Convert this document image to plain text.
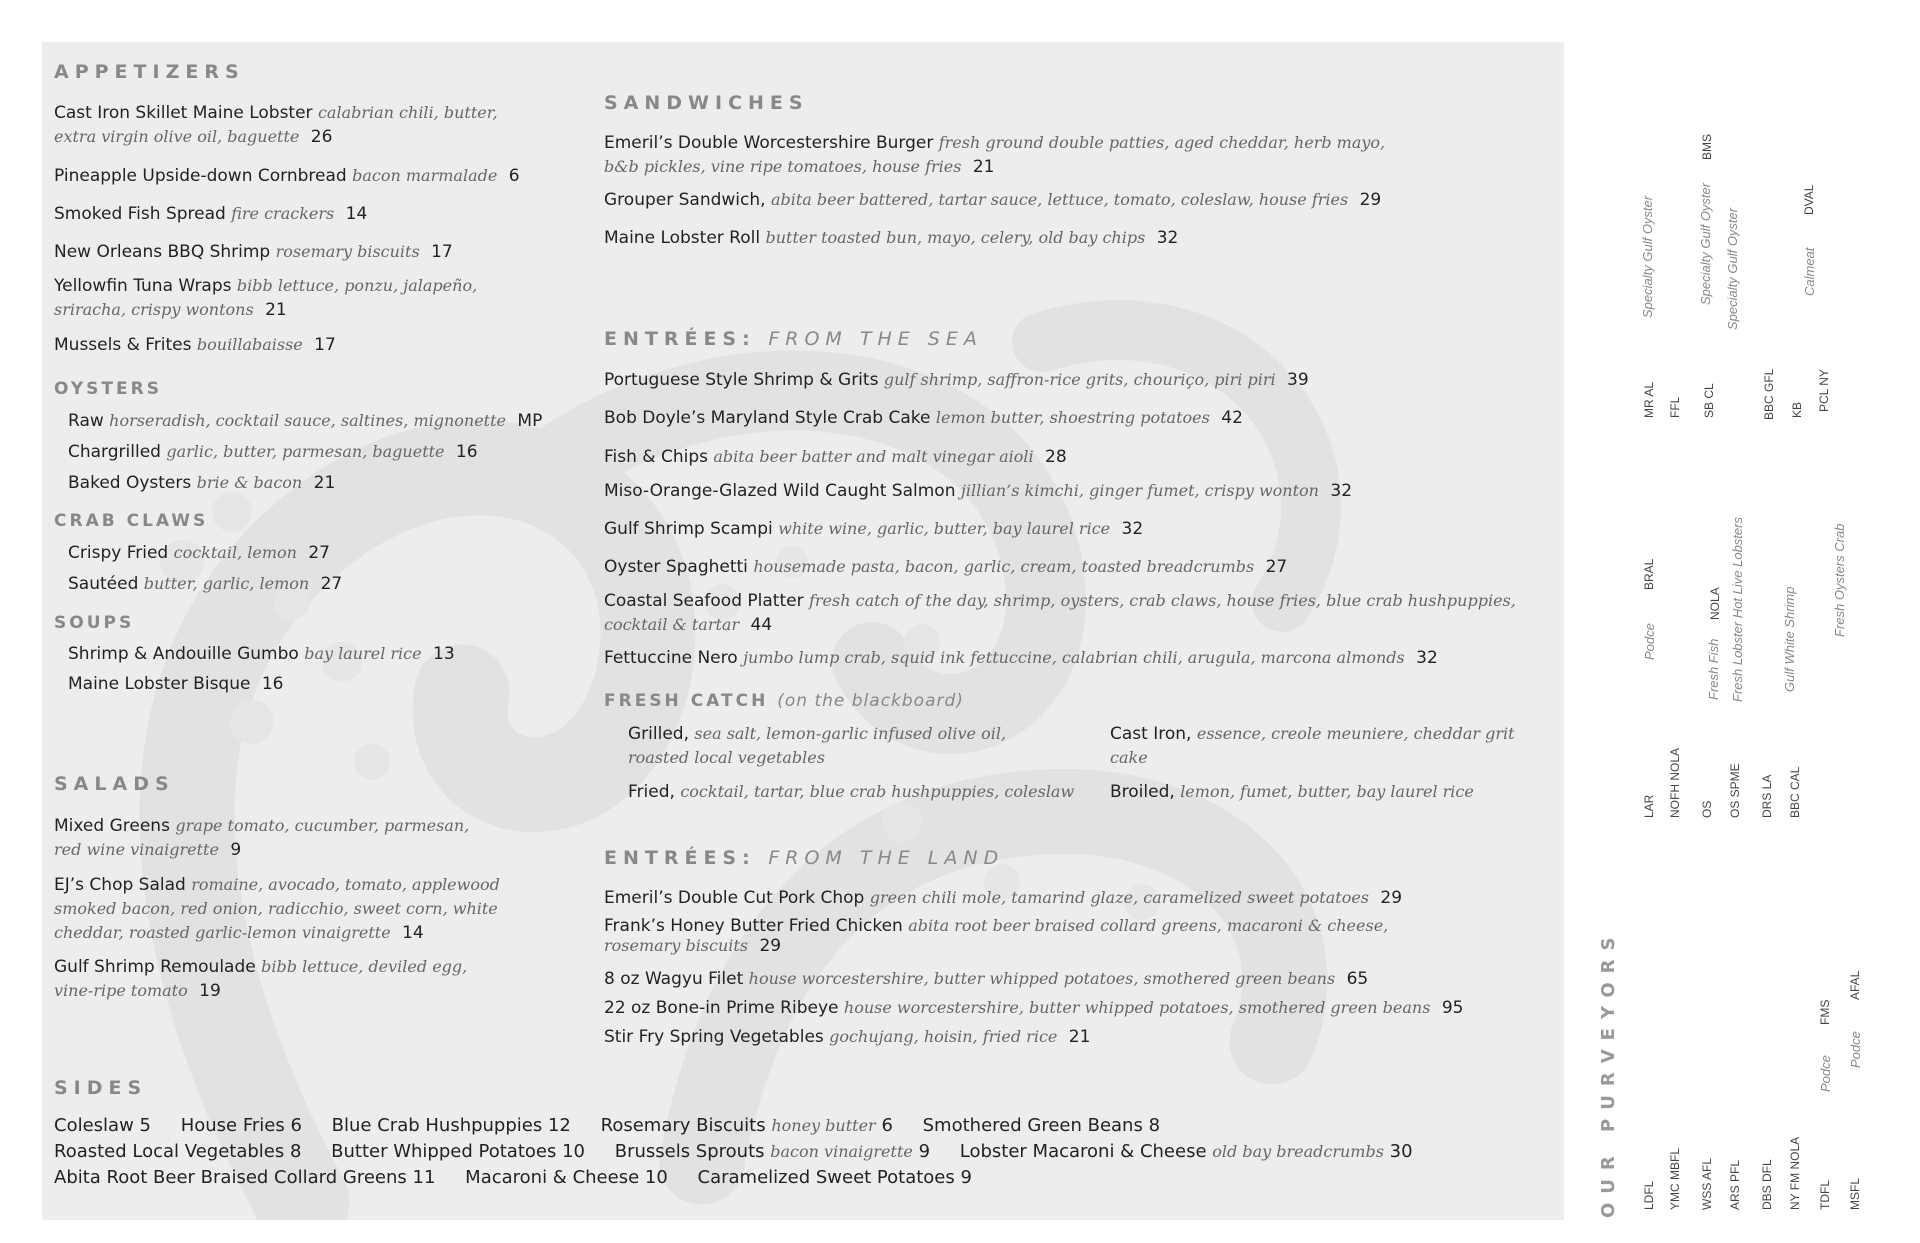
APPETIZERS
Cast Iron Skillet Maine Lobster calabrian chili, butter,
extra virgin olive oil, baguette 26
Pineapple Upside-down Cornbread bacon marmalade 6
Smoked Fish Spread fire crackers 14
New Orleans BBQ Shrimp rosemary biscuits 17
Yellowfin Tuna Wraps bibb lettuce, ponzu, jalapeño,
sriracha, crispy wontons 21
Mussels & Frites bouillabaisse 17
OYSTERS
Raw horseradish, cocktail sauce, saltines, mignonette MP
Chargrilled garlic, butter, parmesan, baguette 16
Baked Oysters brie & bacon 21
CRAB CLAWS
Crispy Fried cocktail, lemon 27
Sautéed butter, garlic, lemon 27
SOUPS
Shrimp & Andouille Gumbo bay laurel rice 13
Maine Lobster Bisque 16
SALADS
Mixed Greens grape tomato, cucumber, parmesan,
red wine vinaigrette 9
EJ’s Chop Salad romaine, avocado, tomato, applewood
smoked bacon, red onion, radicchio, sweet corn, white
cheddar, roasted garlic-lemon vinaigrette 14
Gulf Shrimp Remoulade bibb lettuce, deviled egg,
vine-ripe tomato 19
SANDWICHES
Emeril’s Double Worcestershire Burger fresh ground double patties, aged cheddar, herb mayo,
b&b pickles, vine ripe tomatoes, house fries 21
Grouper Sandwich, abita beer battered, tartar sauce, lettuce, tomato, coleslaw, house fries 29
Maine Lobster Roll butter toasted bun, mayo, celery, old bay chips 32
ENTRÉES: FROM THE SEA
Portuguese Style Shrimp & Grits gulf shrimp, saffron-rice grits, chouriço, piri piri 39
Bob Doyle’s Maryland Style Crab Cake lemon butter, shoestring potatoes 42
Fish & Chips abita beer batter and malt vinegar aioli 28
Miso-Orange-Glazed Wild Caught Salmon jillian’s kimchi, ginger fumet, crispy wonton 32
Gulf Shrimp Scampi white wine, garlic, butter, bay laurel rice 32
Oyster Spaghetti housemade pasta, bacon, garlic, cream, toasted breadcrumbs 27
Coastal Seafood Platter fresh catch of the day, shrimp, oysters, crab claws, house fries, blue crab hushpuppies,
cocktail & tartar 44
Fettuccine Nero jumbo lump crab, squid ink fettuccine, calabrian chili, arugula, marcona almonds 32
FRESH CATCH (on the blackboard)
Grilled, sea salt, lemon-garlic infused olive oil,
roasted local vegetables
Fried, cocktail, tartar, blue crab hushpuppies, coleslaw
Cast Iron, essence, creole meuniere, cheddar grit
cake
Broiled, lemon, fumet, butter, bay laurel rice
ENTRÉES: FROM THE LAND
Emeril’s Double Cut Pork Chop green chili mole, tamarind glaze, caramelized sweet potatoes 29
Frank’s Honey Butter Fried Chicken abita root beer braised collard greens, macaroni & cheese,
rosemary biscuits 29
8 oz Wagyu Filet house worcestershire, butter whipped potatoes, smothered green beans 65
22 oz Bone-in Prime Ribeye house worcestershire, butter whipped potatoes, smothered green beans 95
Stir Fry Spring Vegetables gochujang, hoisin, fried rice 21
SIDES
Coleslaw 5 House Fries 6 Blue Crab Hushpuppies 12 Rosemary Biscuits honey butter 6 Smothered Green Beans 8
Roasted Local Vegetables 8 Butter Whipped Potatoes 10 Brussels Sprouts bacon vinaigrette 9 Lobster Macaroni & Cheese old bay breadcrumbs 30
Abita Root Beer Braised Collard Greens 11 Macaroni & Cheese 10 Caramelized Sweet Potatoes 9	OUR PURVEYORS
Specialty Gulf Oyster	Specialty Gulf Oyster Specialty Gulf Oyster	Calmeat
Podce	Fresh Fish Fresh Lobster Hot Live Lobsters	Gulf White Shrimp
Fresh Oysters Crab
Podce
Podce
MR AL FFL SB CL	BBC GFL KB PCL NY
BRAL
NOLA
DVAL
LAR NOFH NOLA OS OS SPME DRS LA BBC CAL
LDFL YMC MBFL WSS AFL ARS PFL DBS DFL NY FM NOLA TDFL MSFL
FMS
AFAL
BMS
